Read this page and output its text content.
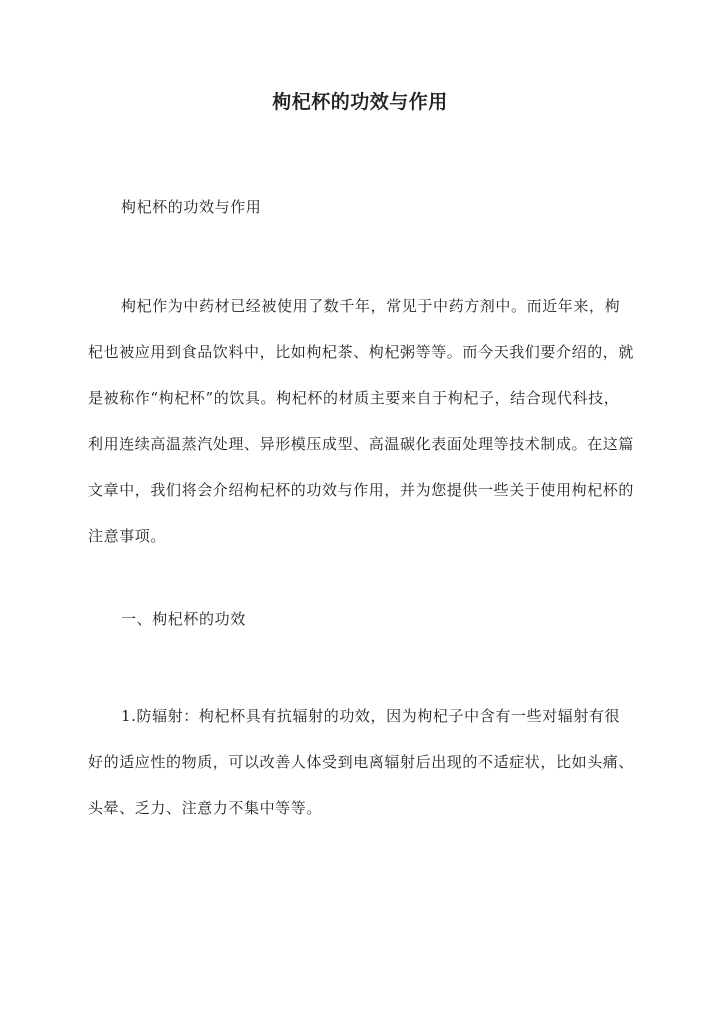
枸杞杯的功效与作用

枸杞杯的功效与作用

枸杞作为中药材已经被使用了数千年，常见于中药方剂中。而近年来，枸杞也被应用到食品饮料中，比如枸杞茶、枸杞粥等等。而今天我们要介绍的，就是被称作“枸杞杯”的饮具。枸杞杯的材质主要来自于枸杞子，结合现代科技，利用连续高温蒸汽处理、异形模压成型、高温碳化表面处理等技术制成。在这篇文章中，我们将会介绍枸杞杯的功效与作用，并为您提供一些关于使用枸杞杯的注意事项。

一、枸杞杯的功效

1.防辐射：枸杞杯具有抗辐射的功效，因为枸杞子中含有一些对辐射有很好的适应性的物质，可以改善人体受到电离辐射后出现的不适症状，比如头痛、头晕、乏力、注意力不集中等等。
